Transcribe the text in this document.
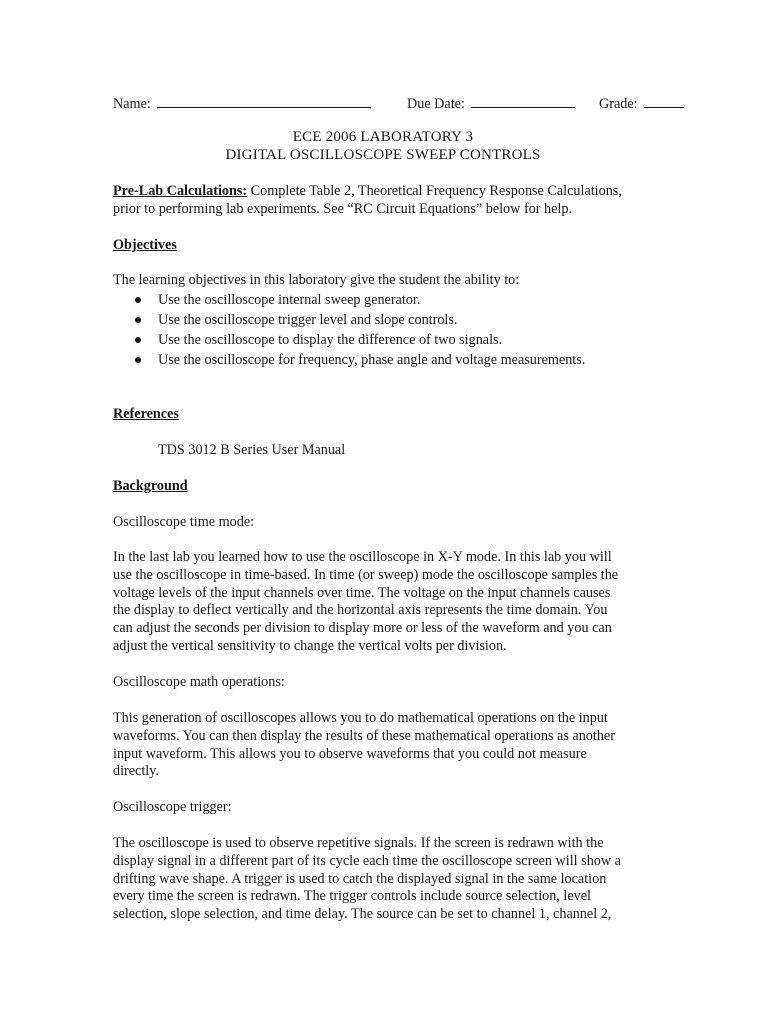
Name:	Due Date:	Grade:
ECE 2006 LABORATORY 3
DIGITAL OSCILLOSCOPE SWEEP CONTROLS
Pre-Lab Calculations: Complete Table 2, Theoretical Frequency Response Calculations,
prior to performing lab experiments. See “RC Circuit Equations” below for help.
Objectives
The learning objectives in this laboratory give the student the ability to:
Use the oscilloscope internal sweep generator.
Use the oscilloscope trigger level and slope controls.
Use the oscilloscope to display the difference of two signals.
Use the oscilloscope for frequency, phase angle and voltage measurements.
References
TDS 3012 B Series User Manual
Background
Oscilloscope time mode:
In the last lab you learned how to use the oscilloscope in X-Y mode. In this lab you will
use the oscilloscope in time-based. In time (or sweep) mode the oscilloscope samples the
voltage levels of the input channels over time. The voltage on the input channels causes
the display to deflect vertically and the horizontal axis represents the time domain. You
can adjust the seconds per division to display more or less of the waveform and you can
adjust the vertical sensitivity to change the vertical volts per division.
Oscilloscope math operations:
This generation of oscilloscopes allows you to do mathematical operations on the input
waveforms. You can then display the results of these mathematical operations as another
input waveform. This allows you to observe waveforms that you could not measure
directly.
Oscilloscope trigger:
The oscilloscope is used to observe repetitive signals. If the screen is redrawn with the
display signal in a different part of its cycle each time the oscilloscope screen will show a
drifting wave shape. A trigger is used to catch the displayed signal in the same location
every time the screen is redrawn. The trigger controls include source selection, level
selection, slope selection, and time delay. The source can be set to channel 1, channel 2,
